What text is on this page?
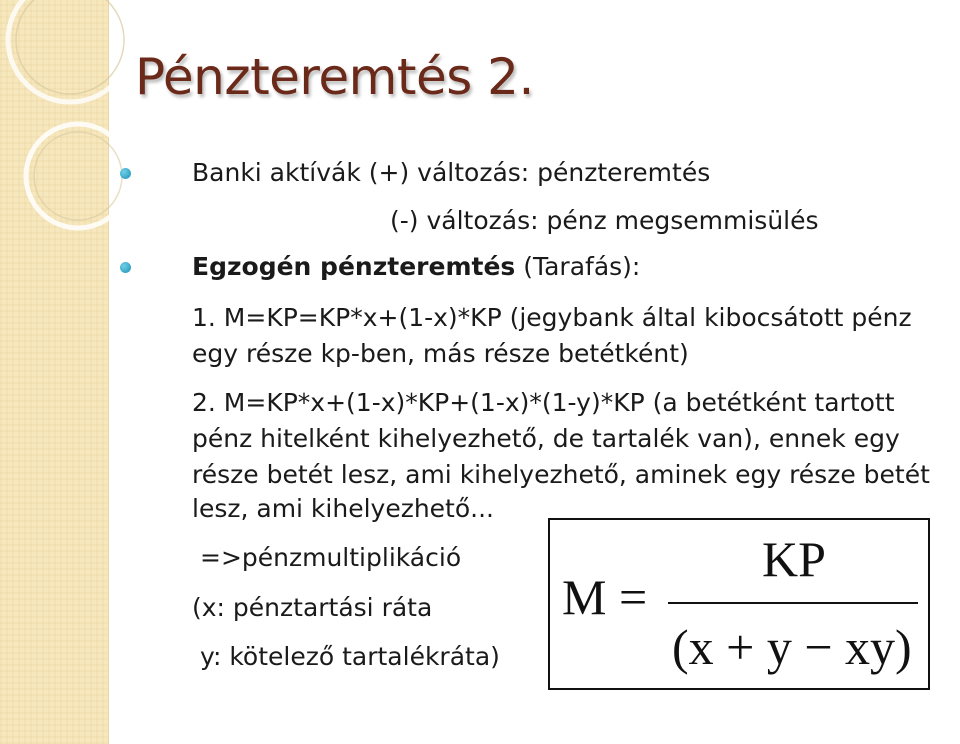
Pénzteremtés 2.

Banki aktívák (+) változás: pénzteremtés

(-) változás: pénz megsemmisülés

Egzogén pénzteremtés (Tarafás):

1. M=KP=KP*x+(1-x)*KP (jegybank által kibocsátott pénz

egy része kp-ben, más része betétként)

2. M=KP*x+(1-x)*KP+(1-x)*(1-y)*KP (a betétként tartott

pénz hitelként kihelyezhető, de tartalék van), ennek egy

része betét lesz, ami kihelyezhető, aminek egy része betét

lesz, ami kihelyezhető...

=>pénzmultiplikáció

(x: pénztartási ráta

y: kötelező tartalékráta)

M =
KP
(x + y − xy)
